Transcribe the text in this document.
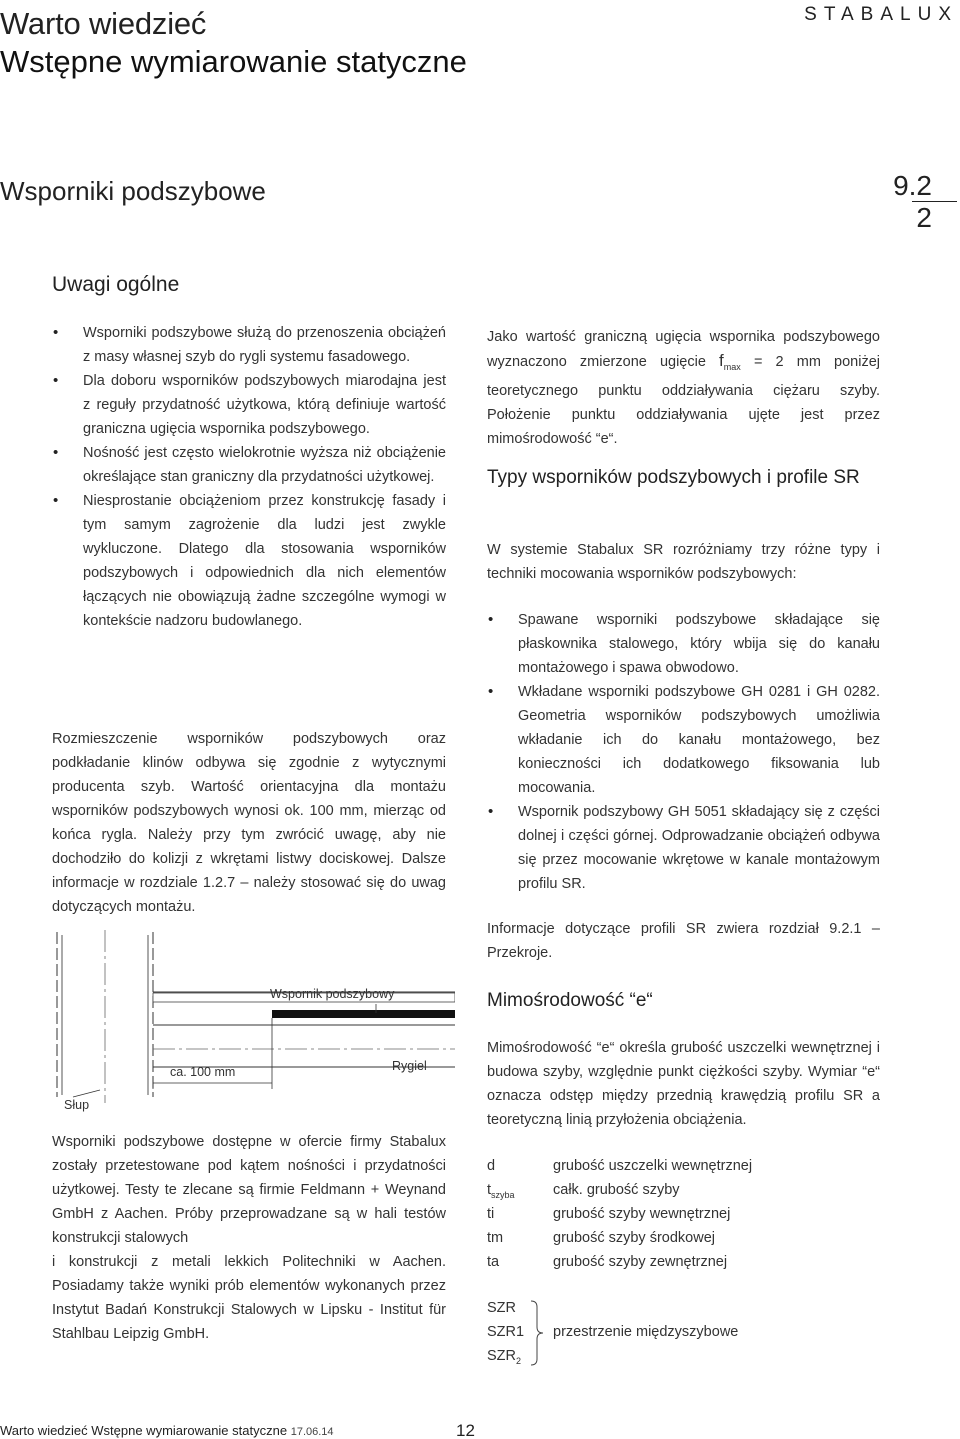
Warto wiedzieć
Wstępne wymiarowanie statyczne
STABALUX
Wsporniki podszybowe	9.2
2
Uwagi ogólne
• Wsporniki podszybowe służą do przenoszenia obciążeń z masy własnej szyb do rygli systemu fasadowego.
• Dla doboru wsporników podszybowych miarodajna jest z reguły przydatność użytkowa, którą definiuje wartość graniczna ugięcia wspornika podszybowego.
• Nośność jest często wielokrotnie wyższa niż obciążenie określające stan graniczny dla przydatności użytkowej.
• Niesprostanie obciążeniom przez konstrukcję fasady i tym samym zagrożenie dla ludzi jest zwykle wykluczone. Dlatego dla stosowania wsporników podszybowych i odpowiednich dla nich elementów łączących nie obowiązują żadne szczególne wymogi w kontekście nadzoru budowlanego.

Rozmieszczenie wsporników podszybowych oraz podkładanie klinów odbywa się zgodnie z wytycznymi producenta szyb. Wartość orientacyjna dla montażu wsporników podszybowych wynosi ok. 100 mm, mierząc od końca rygla. Należy przy tym zwrócić uwagę, aby nie dochodziło do kolizji z wkrętami listwy dociskowej. Dalsze informacje w rozdziale 1.2.7 – należy stosować się do uwag dotyczących montażu.

Wspornik podszybowy
ca. 100 mm	Rygiel
Słup

Wsporniki podszybowe dostępne w ofercie firmy Stabalux zostały przetestowane pod kątem nośności i przydatności użytkowej. Testy te zlecane są firmie Feldmann + Weynand GmbH z Aachen. Próby przeprowadzane są w hali testów konstrukcji stalowych
i konstrukcji z metali lekkich Politechniki w Aachen. Posiadamy także wyniki prób elementów wykonanych przez Instytut Badań Konstrukcji Stalowych w Lipsku - Institut für Stahlbau Leipzig GmbH.

Jako wartość graniczną ugięcia wspornika podszybowego wyznaczono zmierzone ugięcie $f_{max} = 2$ mm poniżej teoretycznego punktu oddziaływania ciężaru szyby. Położenie punktu oddziaływania ujęte jest przez mimośrodowość “e“.

Typy wsporników podszybowych i profile SR

W systemie Stabalux SR rozróżniamy trzy różne typy i techniki mocowania wsporników podszybowych:

• Spawane wsporniki podszybowe składające się płaskownika stalowego, który wbija się do kanału montażowego i spawa obwodowo.
• Wkładane wsporniki podszybowe GH 0281 i GH 0282. Geometria wsporników podszybowych umożliwia wkładanie ich do kanału montażowego, bez konieczności ich dodatkowego fiksowania lub mocowania.
• Wspornik podszybowy GH 5051 składający się z części dolnej i części górnej. Odprowadzanie obciążeń odbywa się przez mocowanie wkrętowe w kanale montażowym profilu SR.

Informacje dotyczące profili SR zwiera rozdział 9.2.1 – Przekroje.

Mimośrodowość “e“

Mimośrodowość “e“ określa grubość uszczelki wewnętrznej i budowa szyby, względnie punkt ciężkości szyby. Wymiar “e“ oznacza odstęp między przednią krawędzią profilu SR a teoretyczną linią przyłożenia obciążenia.

d	grubość uszczelki wewnętrznej
$t_{szyba}$	całk. grubość szyby
ti	grubość szyby wewnętrznej
tm	grubość szyby środkowej
ta	grubość szyby zewnętrznej
SZR
SZR1
$SZR_2$
przestrzenie międzyszybowe
Warto wiedzieć Wstępne wymiarowanie statyczne 17.06.14	12
